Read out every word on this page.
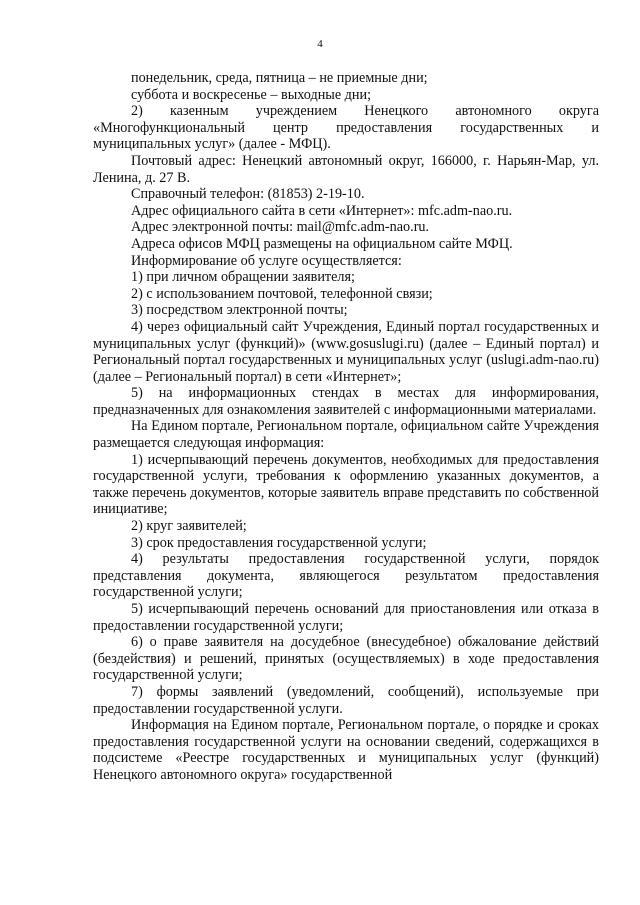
4

понедельник, среда, пятница – не приемные дни;

суббота и воскресенье – выходные дни;

2) казенным учреждением Ненецкого автономного округа «Многофункциональный центр предоставления государственных и муниципальных услуг» (далее - МФЦ).

Почтовый адрес: Ненецкий автономный округ, 166000, г. Нарьян-Мар, ул. Ленина, д. 27 В.

Справочный телефон: (81853) 2-19-10.

Адрес официального сайта в сети «Интернет»: mfc.adm-nao.ru.

Адрес электронной почты: mail@mfc.adm-nao.ru.

Адреса офисов МФЦ размещены на официальном сайте МФЦ.

Информирование об услуге осуществляется:

1) при личном обращении заявителя;

2) с использованием почтовой, телефонной связи;

3) посредством электронной почты;

4) через официальный сайт Учреждения, Единый портал государственных и муниципальных услуг (функций)» (www.gosuslugi.ru) (далее – Единый портал) и Региональный портал государственных и муниципальных услуг (uslugi.adm-nao.ru) (далее – Региональный портал) в сети «Интернет»;

5) на информационных стендах в местах для информирования, предназначенных для ознакомления заявителей с информационными материалами.

На Едином портале, Региональном портале, официальном сайте Учреждения размещается следующая информация:

1) исчерпывающий перечень документов, необходимых для предоставления государственной услуги, требования к оформлению указанных документов, а также перечень документов, которые заявитель вправе представить по собственной инициативе;

2) круг заявителей;

3) срок предоставления государственной услуги;

4) результаты предоставления государственной услуги, порядок представления документа, являющегося результатом предоставления государственной услуги;

5) исчерпывающий перечень оснований для приостановления или отказа в предоставлении государственной услуги;

6) о праве заявителя на досудебное (внесудебное) обжалование действий (бездействия) и решений, принятых (осуществляемых) в ходе предоставления государственной услуги;

7) формы заявлений (уведомлений, сообщений), используемые при предоставлении государственной услуги.

Информация на Едином портале, Региональном портале, о порядке и сроках предоставления государственной услуги на основании сведений, содержащихся в подсистеме «Реестре государственных и муниципальных услуг (функций) Ненецкого автономного округа» государственной
